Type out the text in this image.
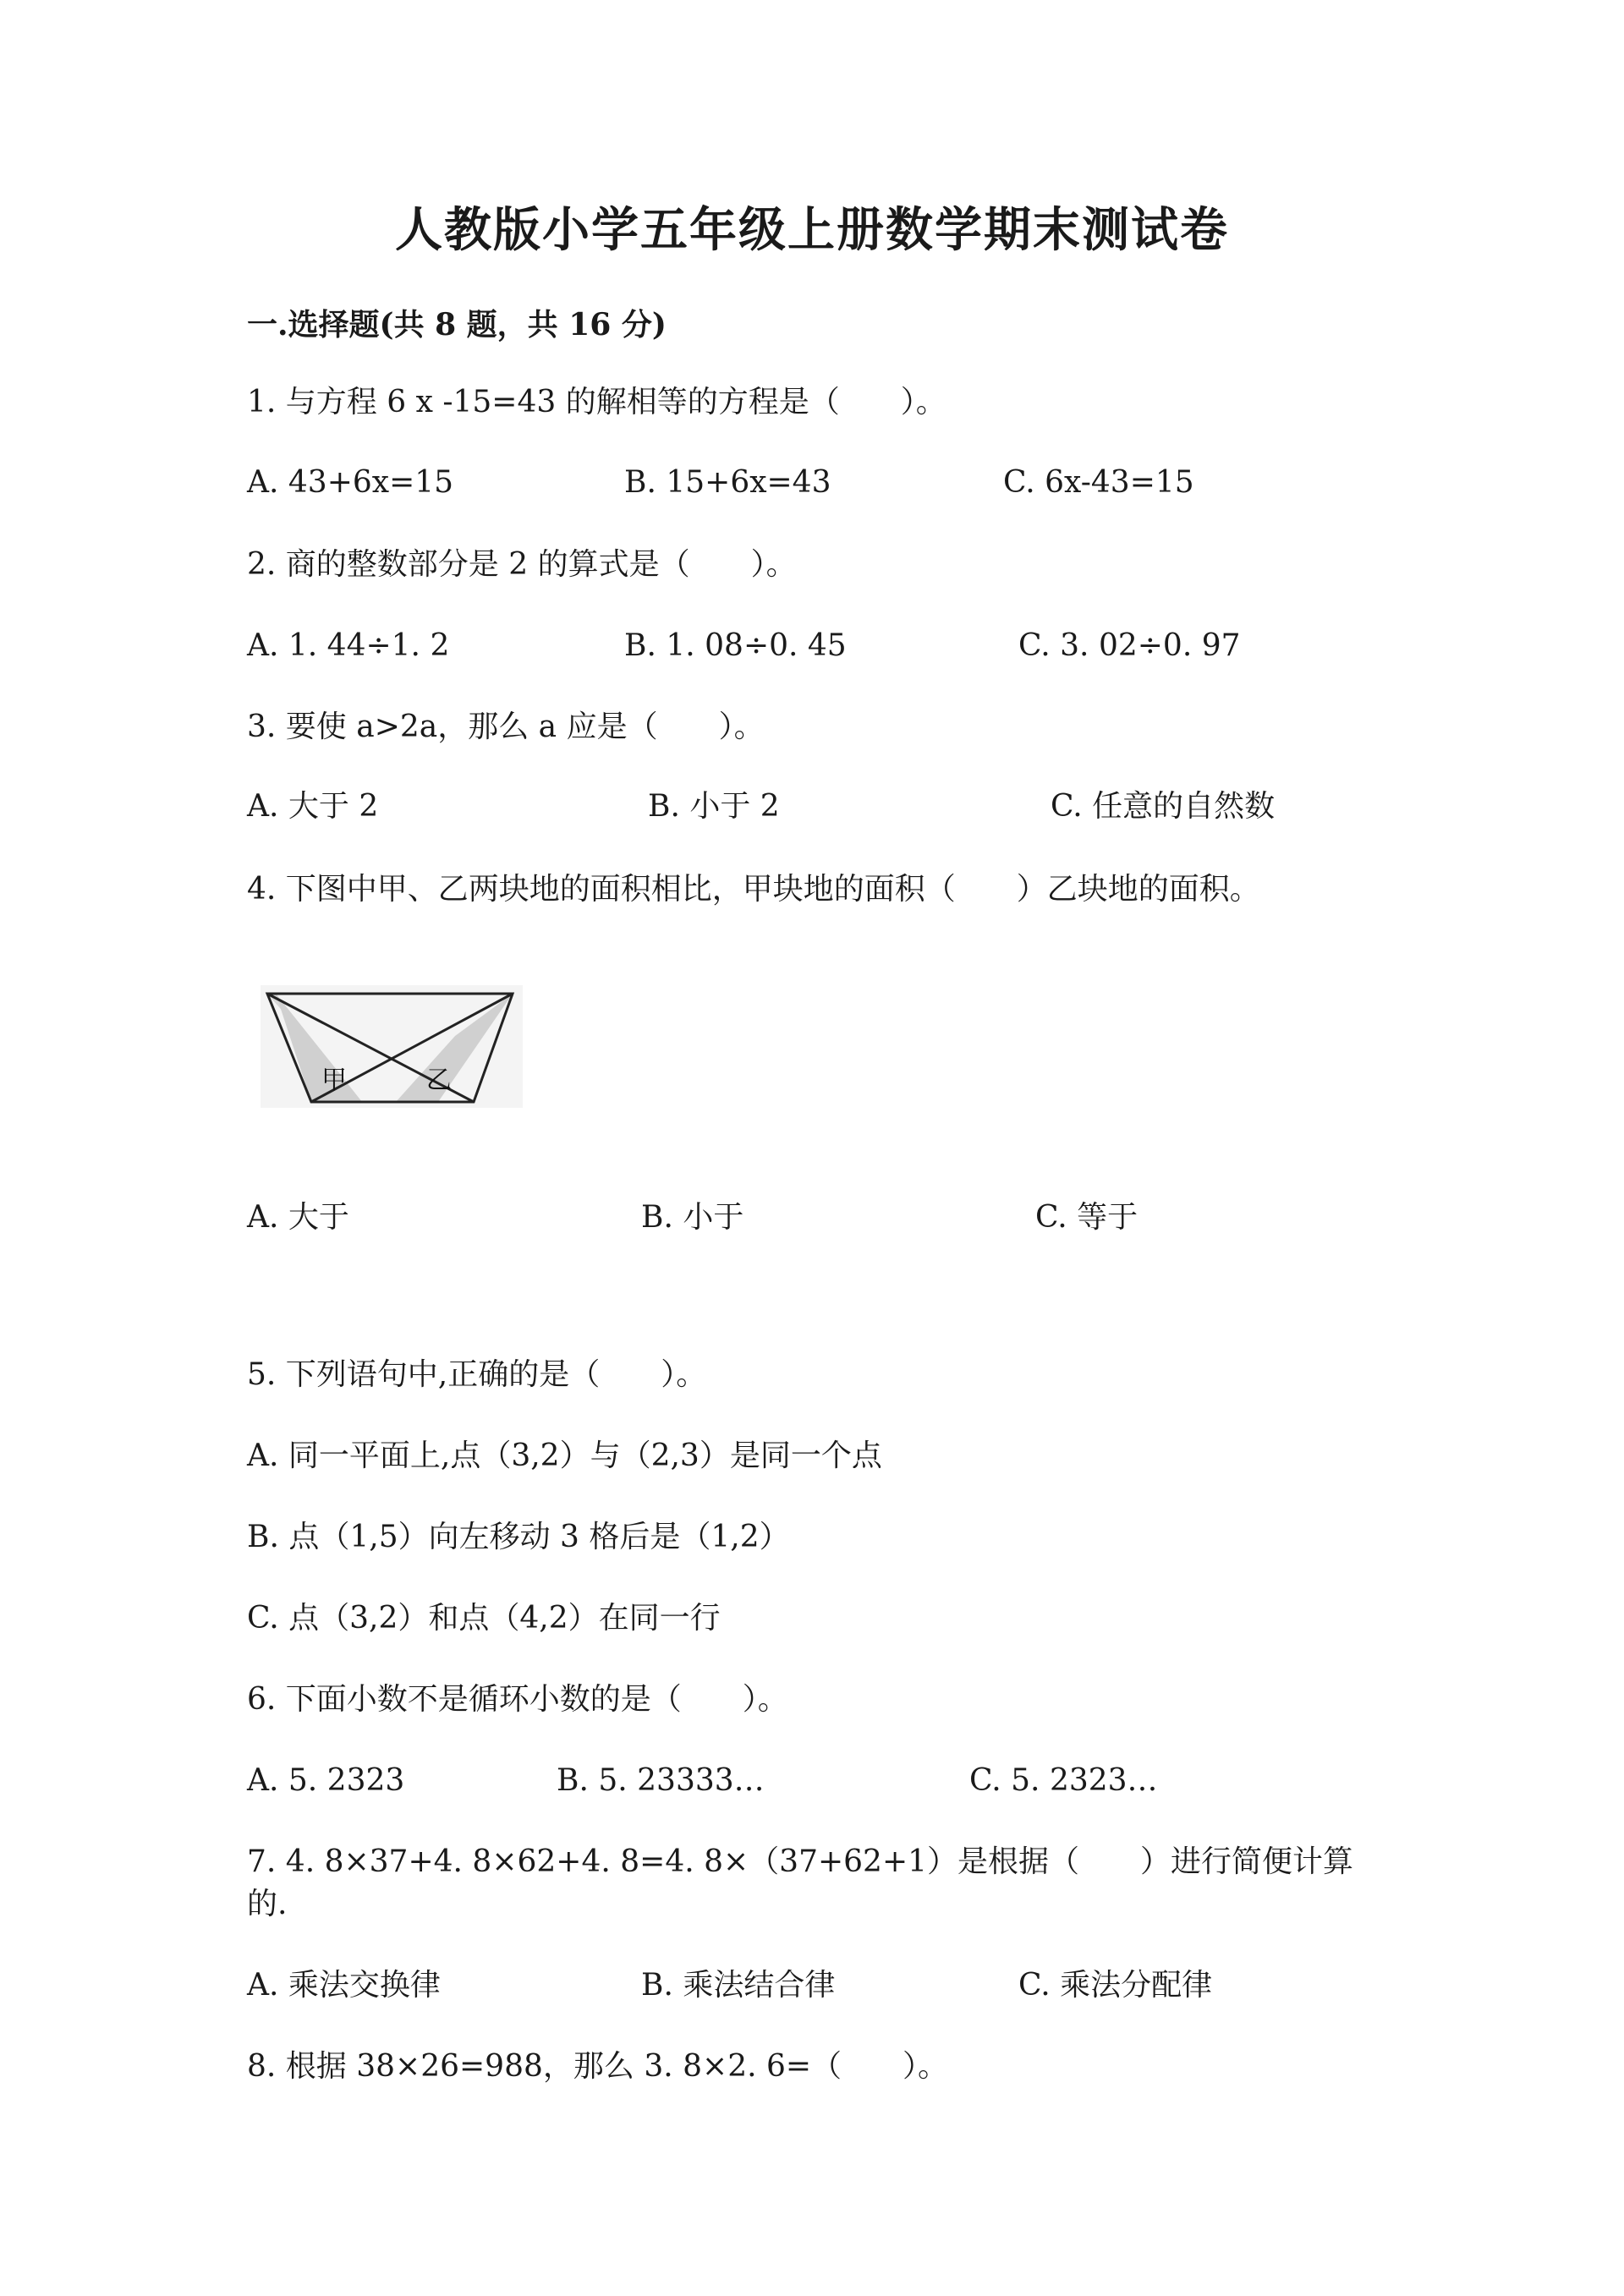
人教版小学五年级上册数学期末测试卷
一.选择题(共 8 题，共 16 分)
1. 与方程 6 x -15=43 的解相等的方程是（　　）。
A. 43+6x=15	B. 15+6x=43	C. 6x-43=15
2. 商的整数部分是 2 的算式是（　　）。
A. 1. 44÷1. 2	B. 1. 08÷0. 45	C. 3. 02÷0. 97
3. 要使 a>2a，那么 a 应是（　　）。
A. 大于 2	B. 小于 2	C. 任意的自然数
4. 下图中甲、乙两块地的面积相比，甲块地的面积（　　）乙块地的面积。
甲	乙
A. 大于	B. 小于	C. 等于
5. 下列语句中,正确的是（　　）。
A. 同一平面上,点（3,2）与（2,3）是同一个点
B. 点（1,5）向左移动 3 格后是（1,2）
C. 点（3,2）和点（4,2）在同一行
6. 下面小数不是循环小数的是（　　）。
A. 5. 2323	B. 5. 23333…	C. 5. 2323…
7. 4. 8×37+4. 8×62+4. 8=4. 8×（37+62+1）是根据（　　）进行简便计算
的.
A. 乘法交换律	B. 乘法结合律	C. 乘法分配律
8. 根据 38×26=988，那么 3. 8×2. 6=（　　）。
